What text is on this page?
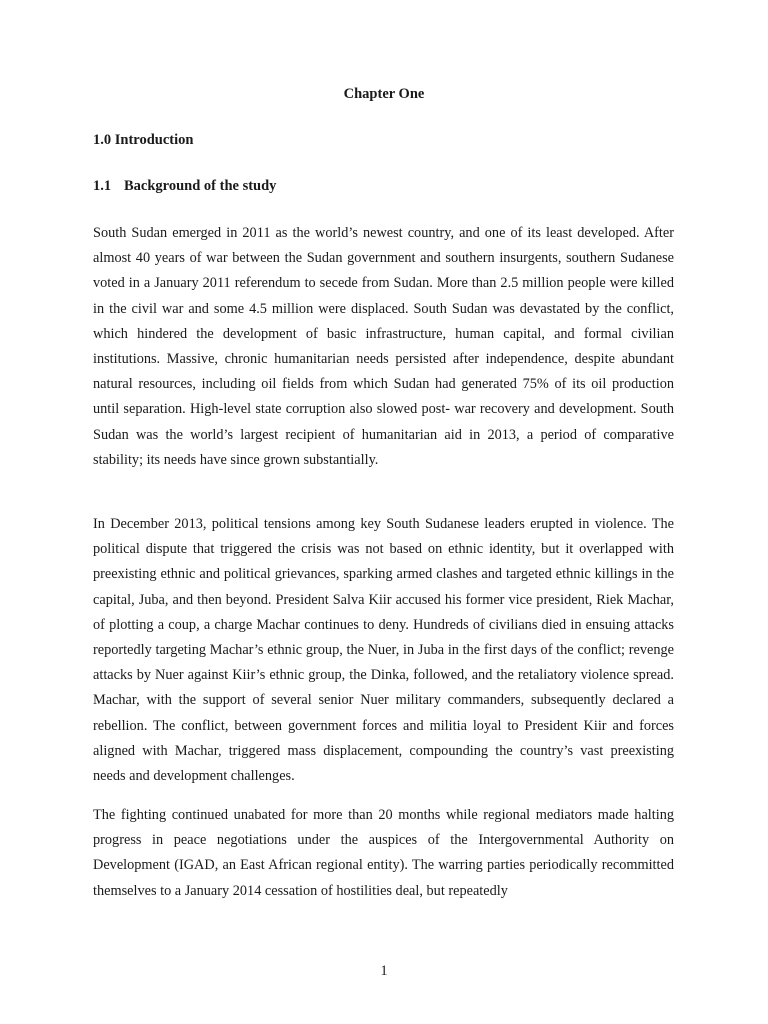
Chapter One
1.0 Introduction
1.1 Background of the study

South Sudan emerged in 2011 as the world’s newest country, and one of its least developed. After almost 40 years of war between the Sudan government and southern insurgents, southern Sudanese voted in a January 2011 referendum to secede from Sudan. More than 2.5 million people were killed in the civil war and some 4.5 million were displaced. South Sudan was devastated by the conflict, which hindered the development of basic infrastructure, human capital, and formal civilian institutions. Massive, chronic humanitarian needs persisted after independence, despite abundant natural resources, including oil fields from which Sudan had generated 75% of its oil production until separation. High-level state corruption also slowed post- war recovery and development. South Sudan was the world’s largest recipient of humanitarian aid in 2013, a period of comparative stability; its needs have since grown substantially.

In December 2013, political tensions among key South Sudanese leaders erupted in violence. The political dispute that triggered the crisis was not based on ethnic identity, but it overlapped with preexisting ethnic and political grievances, sparking armed clashes and targeted ethnic killings in the capital, Juba, and then beyond. President Salva Kiir accused his former vice president, Riek Machar, of plotting a coup, a charge Machar continues to deny. Hundreds of civilians died in ensuing attacks reportedly targeting Machar’s ethnic group, the Nuer, in Juba in the first days of the conflict; revenge attacks by Nuer against Kiir’s ethnic group, the Dinka, followed, and the retaliatory violence spread. Machar, with the support of several senior Nuer military commanders, subsequently declared a rebellion. The conflict, between government forces and militia loyal to President Kiir and forces aligned with Machar, triggered mass displacement, compounding the country’s vast preexisting needs and development challenges.

The fighting continued unabated for more than 20 months while regional mediators made halting progress in peace negotiations under the auspices of the Intergovernmental Authority on Development (IGAD, an East African regional entity). The warring parties periodically recommitted themselves to a January 2014 cessation of hostilities deal, but repeatedly

1
